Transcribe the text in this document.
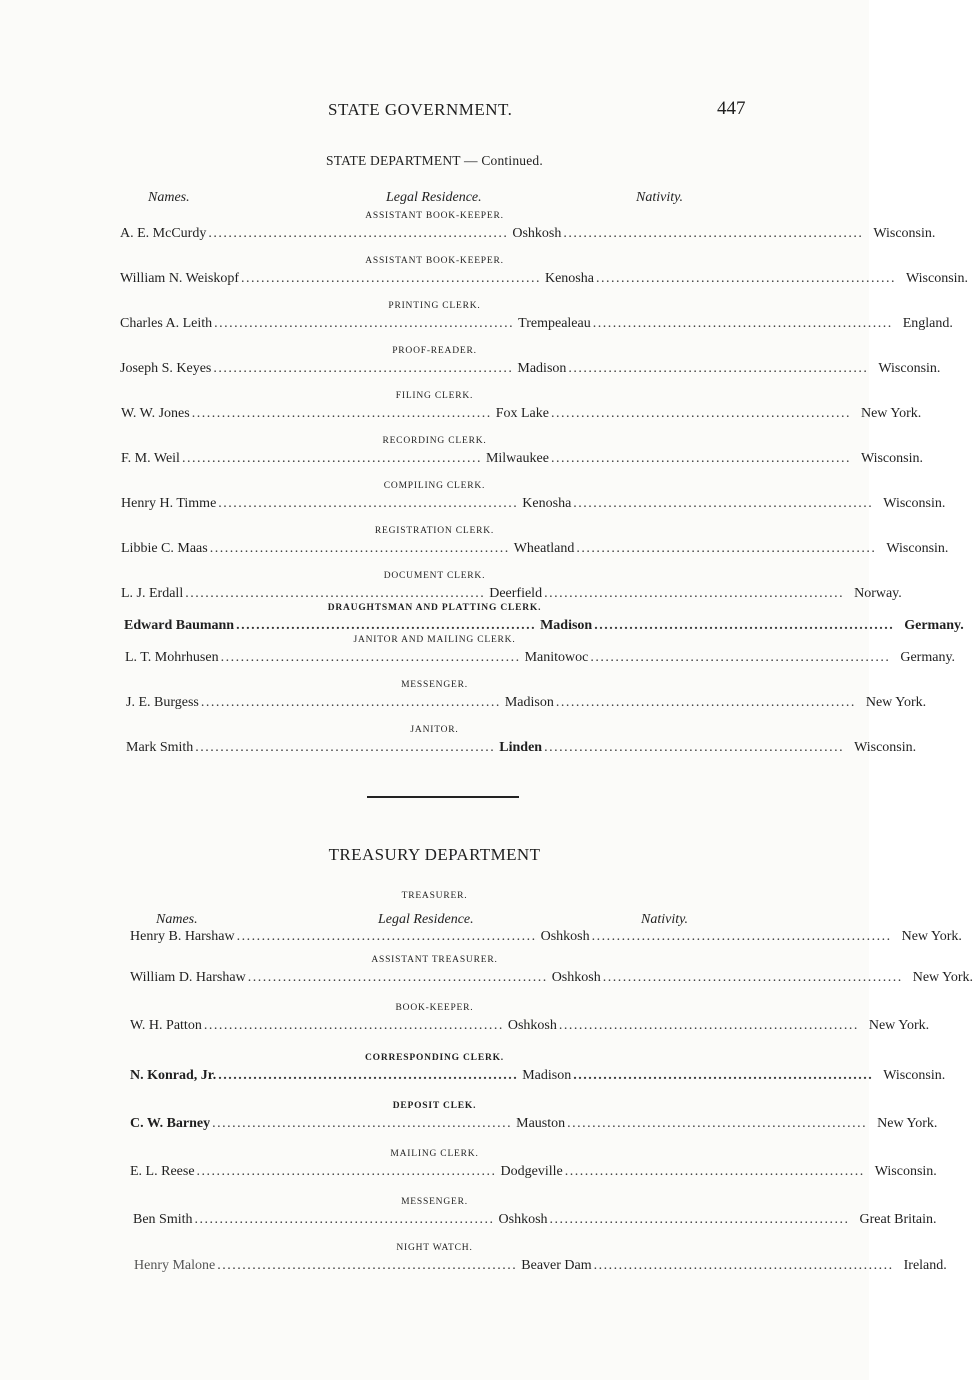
STATE GOVERNMENT.	447
STATE DEPARTMENT — Continued.
Names.	Legal Residence.	Nativity.
ASSISTANT BOOK-KEEPER.
A. E. McCurdy ............................................................ Oshkosh ............................................................ Wisconsin.
ASSISTANT BOOK-KEEPER.
William N. Weiskopf ............................................................ Kenosha ............................................................ Wisconsin.
PRINTING CLERK.
Charles A. Leith ............................................................ Trempealeau ............................................................ England.
PROOF-READER.
Joseph S. Keyes ............................................................ Madison ............................................................ Wisconsin.
FILING CLERK.
W. W. Jones ............................................................ Fox Lake ............................................................ New York.
RECORDING CLERK.
F. M. Weil ............................................................ Milwaukee ............................................................ Wisconsin.
COMPILING CLERK.
Henry H. Timme ............................................................ Kenosha ............................................................ Wisconsin.
REGISTRATION CLERK.
Libbie C. Maas ............................................................ Wheatland ............................................................ Wisconsin.
DOCUMENT CLERK.
L. J. Erdall ............................................................ Deerfield ............................................................ Norway.
DRAUGHTSMAN AND PLATTING CLERK.
Edward Baumann ............................................................ Madison ............................................................ Germany.
JANITOR AND MAILING CLERK.
L. T. Mohrhusen ............................................................ Manitowoc ............................................................ Germany.
MESSENGER.
J. E. Burgess ............................................................ Madison ............................................................ New York.
JANITOR.
Mark Smith ............................................................ Linden ............................................................ Wisconsin.
TREASURY DEPARTMENT
TREASURER.
Names.	Legal Residence.	Nativity.
Henry B. Harshaw ............................................................ Oshkosh ............................................................ New York.
ASSISTANT TREASURER.
William D. Harshaw ............................................................ Oshkosh ............................................................ New York.
BOOK-KEEPER.
W. H. Patton ............................................................ Oshkosh ............................................................ New York.
CORRESPONDING CLERK.
N. Konrad, Jr. ............................................................ Madison ............................................................ Wisconsin.
DEPOSIT CLEK.
C. W. Barney ............................................................ Mauston ............................................................ New York.
MAILING CLERK.
E. L. Reese ............................................................ Dodgeville ............................................................ Wisconsin.
MESSENGER.
Ben Smith ............................................................ Oshkosh ............................................................ Great Britain.
NIGHT WATCH.
Henry Malone ............................................................ Beaver Dam ............................................................ Ireland.
